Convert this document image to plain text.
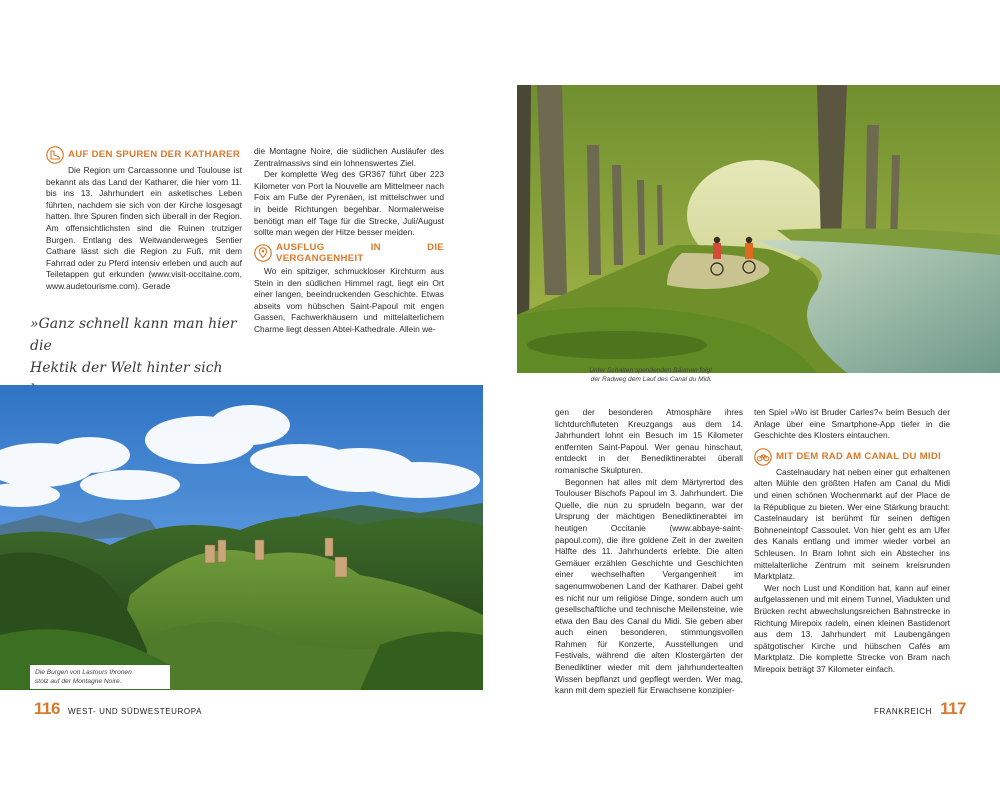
AUF DEN SPUREN DER KATHARER

Die Region um Carcassonne und Toulouse ist bekannt als das Land der Katharer, die hier vom 11. bis ins 13. Jahrhundert ein asketisches Leben führten, nachdem sie sich von der Kirche losgesagt hatten. Ihre Spuren finden sich überall in der Region. Am offensichtlichsten sind die Ruinen trutziger Burgen. Entlang des Weitwanderweges Sentier Cathare lässt sich die Region zu Fuß, mit dem Fahrrad oder zu Pferd intensiv erleben und auch auf Teiletappen gut erkunden (www.visit-occitaine.com, www.audetourisme.com). Gerade

die Montagne Noire, die südlichen Ausläufer des Zentralmassivs sind ein lohnenswertes Ziel.

Der komplette Weg des GR367 führt über 223 Kilometer von Port la Nouvelle am Mittelmeer nach Foix am Fuße der Pyrenäen, ist mittelschwer und in beide Richtungen begehbar. Normalerweise benötigt man elf Tage für die Strecke, Juli/August sollte man wegen der Hitze besser meiden.

AUSFLUG IN DIE VERGANGENHEIT

Wo ein spitziger, schmuckloser Kirchturm aus Stein in den südlichen Himmel ragt, liegt ein Ort einer langen, beeindruckenden Geschichte. Etwas abseits vom hübschen Saint-Papoul mit engen Gassen, Fachwerkhäusern und mittelalterlichem Charme liegt dessen Abtei-Kathedrale. Allein we-

»Ganz schnell kann man hier die
Hektik der Welt hinter sich
Die Burgen von Lastours thronen
stolz auf der Montagne Noire.
116 WEST- UND SÜDWESTEUROPA
Unter Schatten spendenden Bäumen folgt
der Radweg dem Lauf des Canal du Midi.

gen der besonderen Atmosphäre ihres lichtdurchfluteten Kreuzgangs aus dem 14. Jahrhundert lohnt ein Besuch im 15 Kilometer entfernten Saint-Papoul. Wer genau hinschaut, entdeckt in der Benediktinerabtei überall romanische Skulpturen.

Begonnen hat alles mit dem Märtyrertod des Toulouser Bischofs Papoul im 3. Jahrhundert. Die Quelle, die nun zu sprudeln begann, war der Ursprung der mächtigen Benediktinerabtei im heutigen Occitanie (www.abbaye-saint-papoul.com), die ihre goldene Zeit in der zweiten Hälfte des 11. Jahrhunderts erlebte. Die alten Gemäuer erzählen Geschichte und Geschichten einer wechselhaften Vergangenheit im sagenumwobenen Land der Katharer. Dabei geht es nicht nur um religiöse Dinge, sondern auch um gesellschaftliche und technische Meilensteine, wie etwa den Bau des Canal du Midi. Sie geben aber auch einen besonderen, stimmungsvollen Rahmen für Konzerte, Ausstellungen und Festivals, während die alten Klostergärten der Benediktiner wieder mit dem jahrhundertealten Wissen bepflanzt und gepflegt werden. Wer mag, kann mit dem speziell für Erwachsene konzipier-

ten Spiel »Wo ist Bruder Carles?« beim Besuch der Anlage über eine Smartphone-App tiefer in die Geschichte des Klosters eintauchen.

MIT DEM RAD AM CANAL DU MIDI

Castelnaudary hat neben einer gut erhaltenen alten Mühle den größten Hafen am Canal du Midi und einen schönen Wochenmarkt auf der Place de la République zu bieten. Wer eine Stärkung braucht: Castelnaudary ist berühmt für seinen deftigen Bohneneintopf Cassoulet. Von hier geht es am Ufer des Kanals entlang und immer wieder vorbei an Schleusen. In Bram lohnt sich ein Abstecher ins mittelalterliche Zentrum mit seinem kreisrunden Marktplatz.

Wer noch Lust und Kondition hat, kann auf einer aufgelassenen und mit einem Tunnel, Viadukten und Brücken recht abwechslungsreichen Bahnstrecke in Richtung Mirepoix radeln, einen kleinen Bastidenort aus dem 13. Jahrhundert mit Laubengängen spätgotischer Kirche und hübschen Cafés am Marktplatz. Die komplette Strecke von Bram nach Mirepoix beträgt 37 Kilometer einfach.

FRANKREICH 117
